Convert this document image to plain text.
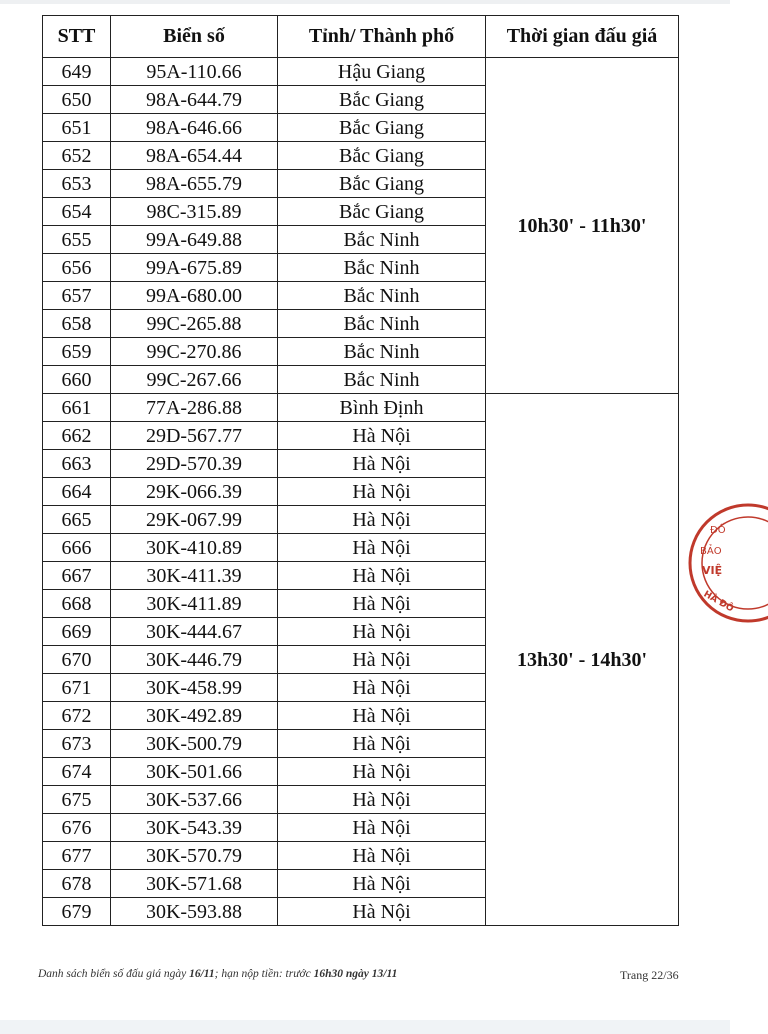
STT	Biển số	Tỉnh/ Thành phố	Thời gian đấu giá
649	95A-110.66	Hậu Giang	10h30' - 11h30'
650	98A-644.79	Bắc Giang	
651	98A-646.66	Bắc Giang	
652	98A-654.44	Bắc Giang	
653	98A-655.79	Bắc Giang	
654	98C-315.89	Bắc Giang	
655	99A-649.88	Bắc Ninh	
656	99A-675.89	Bắc Ninh	
657	99A-680.00	Bắc Ninh	
658	99C-265.88	Bắc Ninh	
659	99C-270.86	Bắc Ninh	
660	99C-267.66	Bắc Ninh	
661	77A-286.88	Bình Định	13h30' - 14h30'
662	29D-567.77	Hà Nội	
663	29D-570.39	Hà Nội	
664	29K-066.39	Hà Nội	
665	29K-067.99	Hà Nội	
666	30K-410.89	Hà Nội	
667	30K-411.39	Hà Nội	
668	30K-411.89	Hà Nội	
669	30K-444.67	Hà Nội	
670	30K-446.79	Hà Nội	
671	30K-458.99	Hà Nội	
672	30K-492.89	Hà Nội	
673	30K-500.79	Hà Nội	
674	30K-501.66	Hà Nội	
675	30K-537.66	Hà Nội	
676	30K-543.39	Hà Nội	
677	30K-570.79	Hà Nội	
678	30K-571.68	Hà Nội	
679	30K-593.88	Hà Nội	
Danh sách biển số đấu giá ngày 16/11; hạn nộp tiền: trước 16h30 ngày 13/11	Trang 22/36
ĐỐ
BẢO
VIỆ
HÀ ĐÔ
